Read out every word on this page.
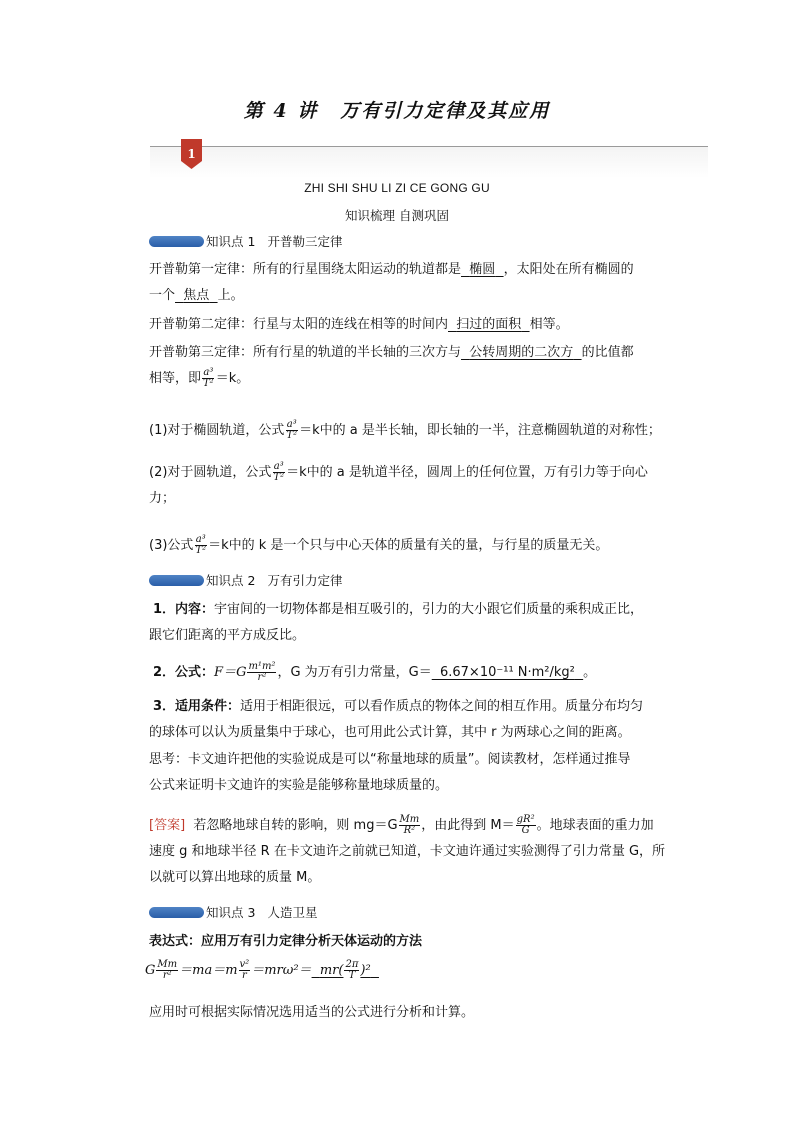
第 4 讲 万有引力定律及其应用
1
ZHI SHI SHU LI ZI CE GONG GU
知识梳理 自测巩固
知识点 1 开普勒三定律
开普勒第一定律：所有的行星围绕太阳运动的轨道都是 椭圆 ，太阳处在所有椭圆的
一个 焦点 上。
开普勒第二定律：行星与太阳的连线在相等的时间内 扫过的面积 相等。
开普勒第三定律：所有行星的轨道的半长轴的三次方与 公转周期的二次方 的比值都
相等，即 $\frac{\text{a³}}{\text{T²}} =k$。
(1)对于椭圆轨道，公式 $\frac{\text{a³}}{\text{T²}} =k$中的 a 是半长轴，即长轴的一半，注意椭圆轨道的对称性；
(2)对于圆轨道，公式 $\frac{\text{a³}}{\text{T²}} =k$中的 a 是轨道半径，圆周上的任何位置，万有引力等于向心
力；
(3)公式 $\frac{\text{a³}}{\text{T²}} =k$中的 k 是一个只与中心天体的质量有关的量，与行星的质量无关。
知识点 2 万有引力定律
1．内容：宇宙间的一切物体都是相互吸引的，引力的大小跟它们质量的乘积成正比，
跟它们距离的平方成反比。
2．公式：$F=G \frac{\text{m¹m²}}{\text{r²}}$ ，G 为万有引力常量，G＝ 6.67×10⁻¹¹ N·m²/kg² 。
3．适用条件：适用于相距很远，可以看作质点的物体之间的相互作用。质量分布均匀
的球体可以认为质量集中于球心，也可用此公式计算，其中 r 为两球心之间的距离。
思考：卡文迪许把他的实验说成是可以“称量地球的质量”。阅读教材，怎样通过推导
公式来证明卡文迪许的实验是能够称量地球质量的。
[答案] 若忽略地球自转的影响，则 $mg=G \frac{Mm}{\text{R²}}$ ，由此得到 $M= \frac{\text{gR²}}{G}$ 。地球表面的重力加
速度 g 和地球半径 R 在卡文迪许之前就已知道，卡文迪许通过实验测得了引力常量 G，所
以就可以算出地球的质量 M。
知识点 3 人造卫星
表达式：应用万有引力定律分析天体运动的方法
G $\frac{Mm}{\text{r²}} =ma=m \frac{\text{v²}}{r} =mr\omega^2= mr( \frac{2\pi}{T} )^2$
应用时可根据实际情况选用适当的公式进行分析和计算。
